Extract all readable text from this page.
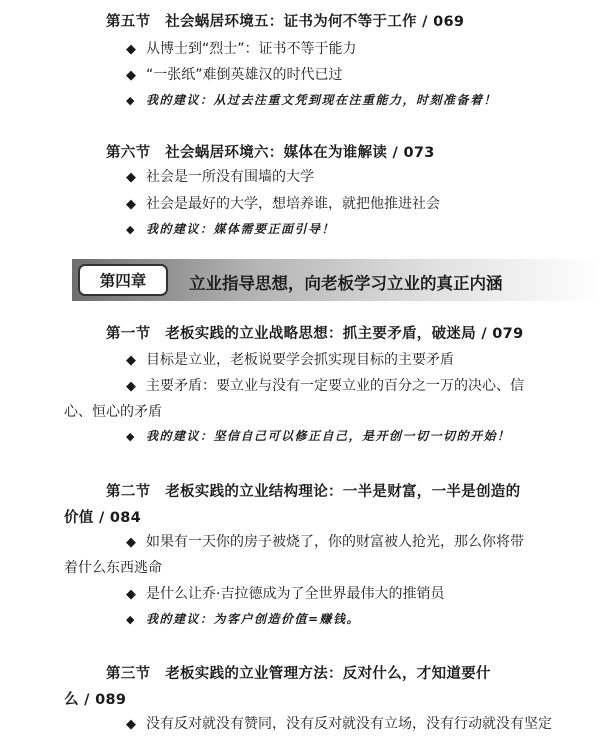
第五节　社会蜗居环境五：证书为何不等于工作 / 069
◆ 从博士到“烈士”：证书不等于能力
◆ “一张纸”难倒英雄汉的时代已过
◆ 我的建议：从过去注重文凭到现在注重能力，时刻准备着！
第六节　社会蜗居环境六：媒体在为谁解读 / 073
◆ 社会是一所没有围墙的大学
◆ 社会是最好的大学，想培养谁，就把他推进社会
◆ 我的建议：媒体需要正面引导！
第四章	立业指导思想，向老板学习立业的真正内涵
第一节　老板实践的立业战略思想：抓主要矛盾，破迷局 / 079
◆ 目标是立业，老板说要学会抓实现目标的主要矛盾
◆ 主要矛盾：要立业与没有一定要立业的百分之一万的决心、信
心、恒心的矛盾
◆ 我的建议：坚信自己可以修正自己，是开创一切一切的开始！
第二节　老板实践的立业结构理论：一半是财富，一半是创造的
价值 / 084
◆ 如果有一天你的房子被烧了，你的财富被人抢光，那么你将带
着什么东西逃命
◆ 是什么让乔·吉拉德成为了全世界最伟大的推销员
◆ 我的建议：为客户创造价值=赚钱。
第三节　老板实践的立业管理方法：反对什么，才知道要什
么 / 089
◆ 没有反对就没有赞同，没有反对就没有立场，没有行动就没有坚定
